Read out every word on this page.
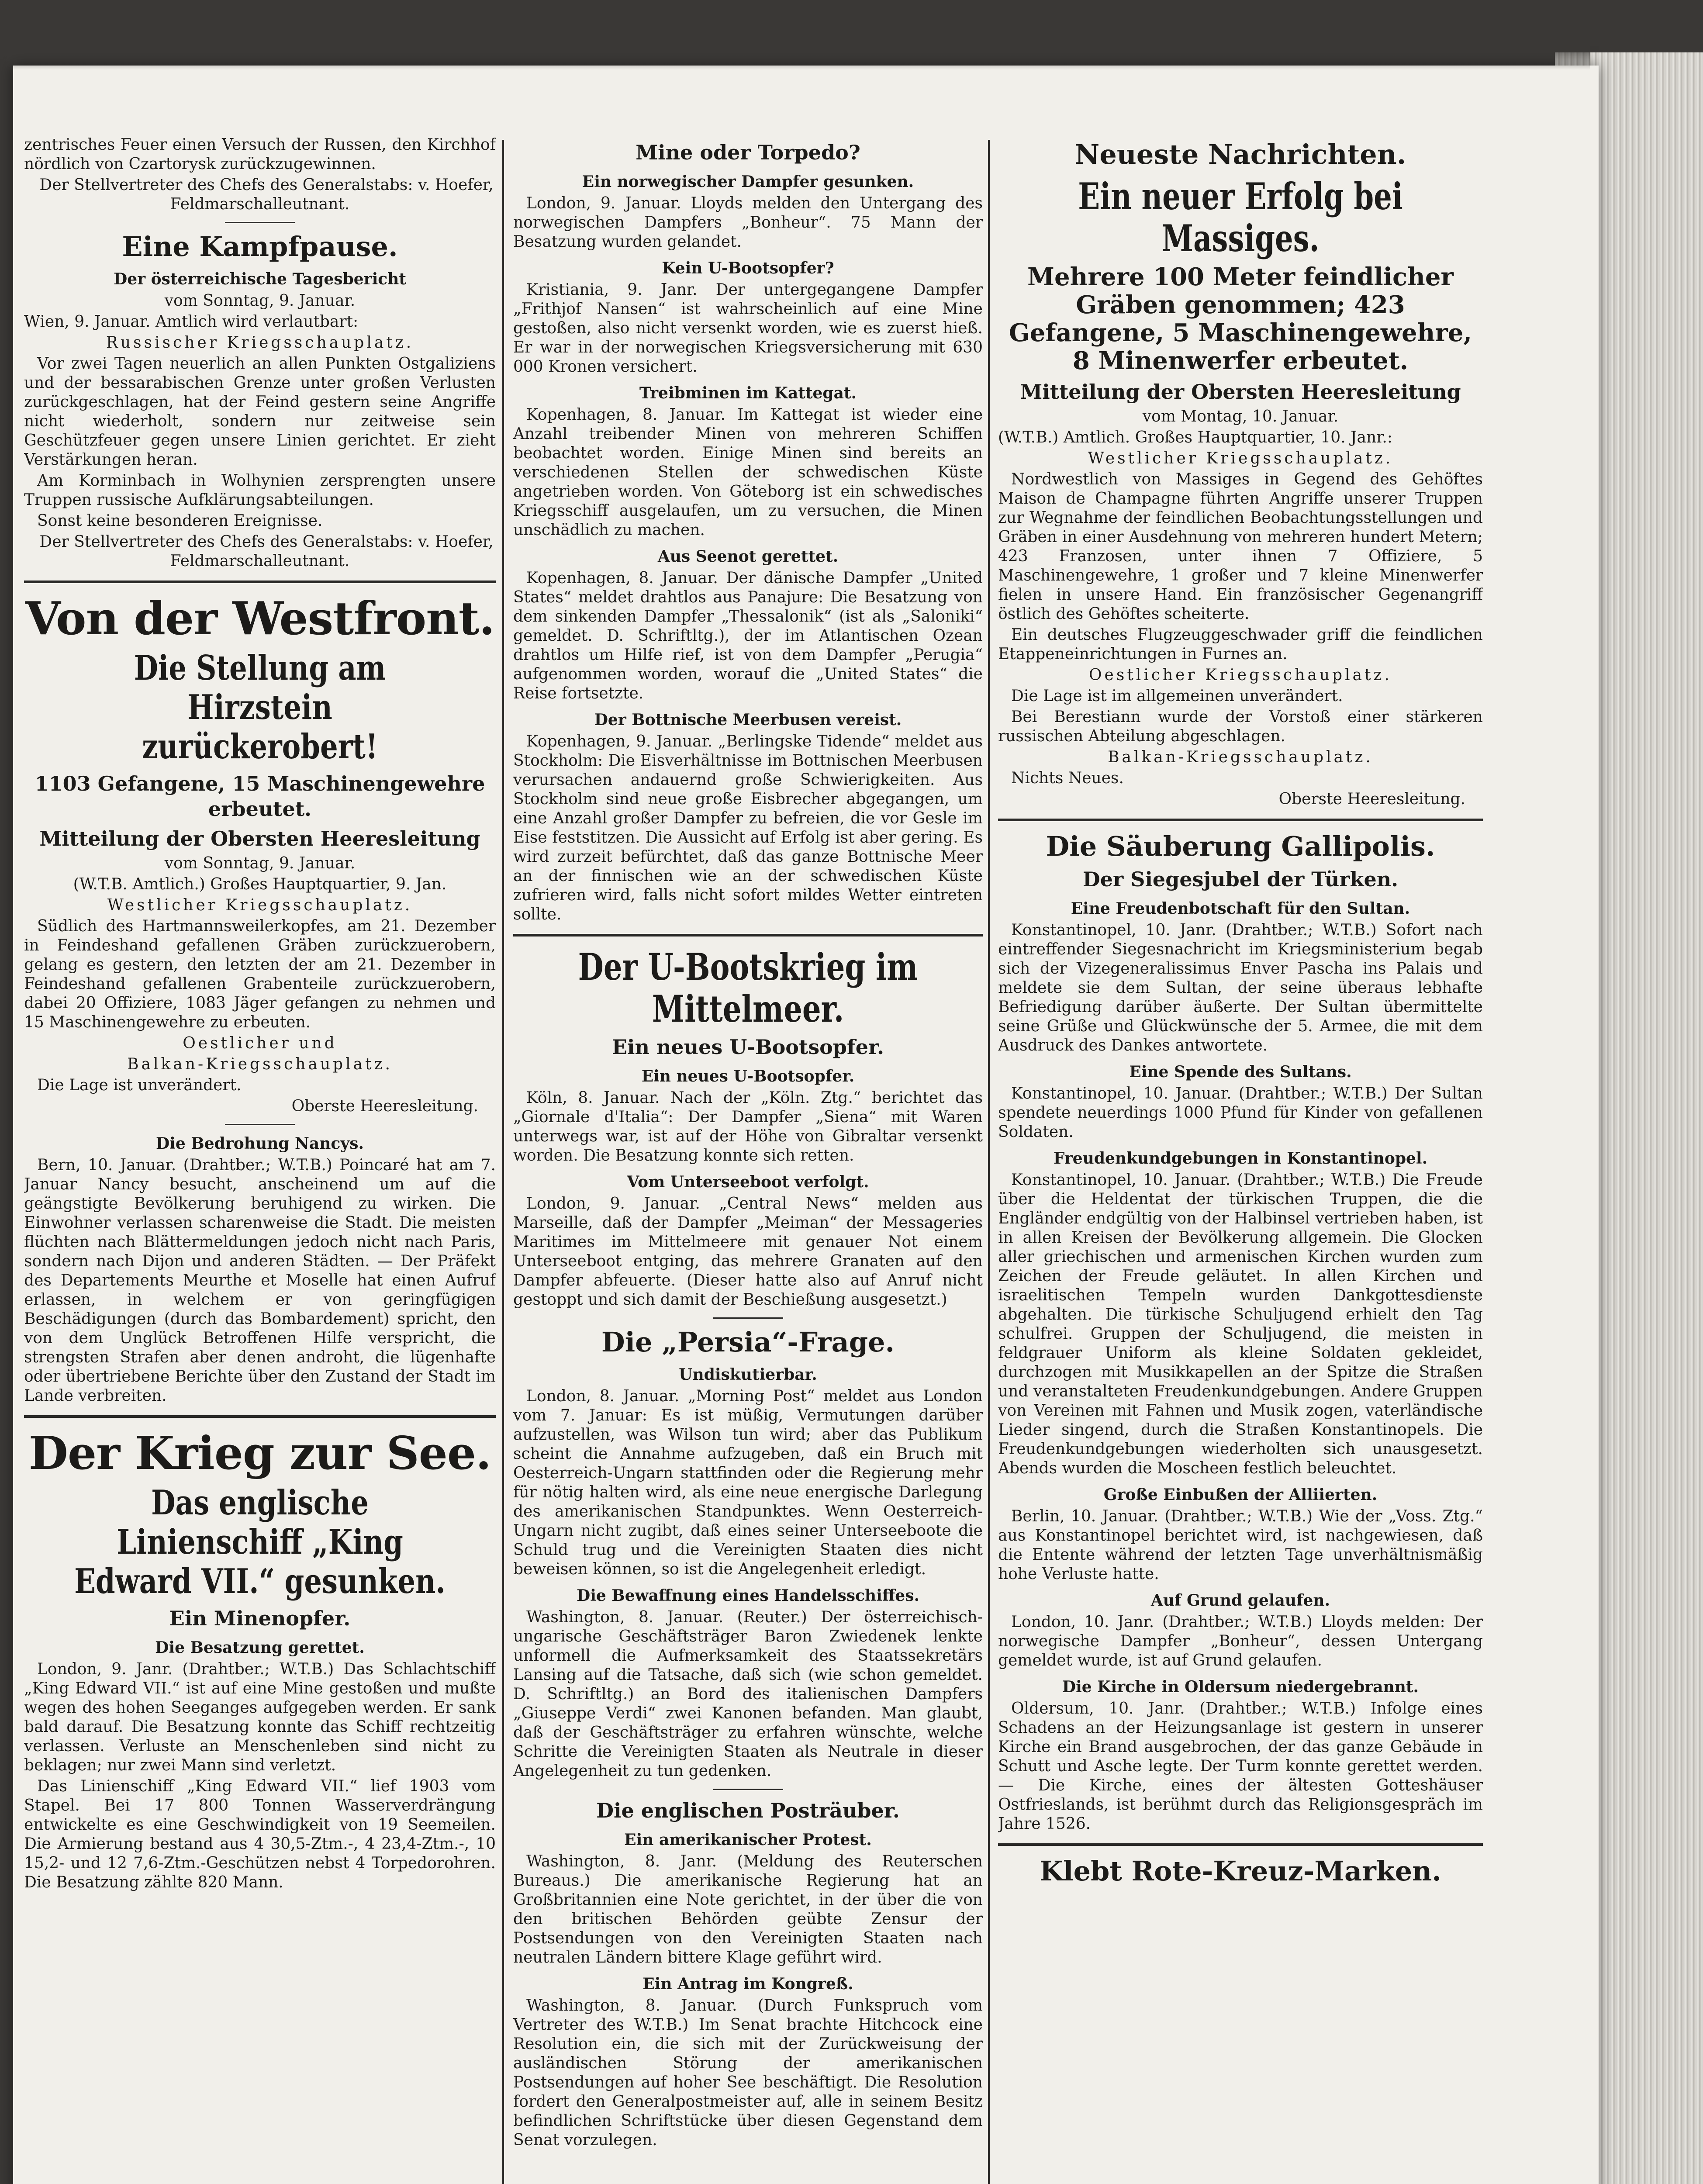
zentrisches Feuer einen Versuch der Russen, den Kirchhof nördlich von Czartorysk zurückzugewinnen.

Der Stellvertreter des Chefs des Generalstabs: v. Hoefer, Feldmarschalleutnant.

Eine Kampfpause.
Der österreichische Tagesbericht

vom Sonntag, 9. Januar.

Wien, 9. Januar. Amtlich wird verlautbart:

Russischer Kriegsschauplatz.

Vor zwei Tagen neuerlich an allen Punkten Ostgaliziens und der bessarabischen Grenze unter großen Verlusten zurückgeschlagen, hat der Feind gestern seine Angriffe nicht wiederholt, sondern nur zeitweise sein Geschützfeuer gegen unsere Linien gerichtet. Er zieht Verstärkungen heran.

Am Korminbach in Wolhynien zersprengten unsere Truppen russische Aufklärungsabteilungen.

Sonst keine besonderen Ereignisse.

Der Stellvertreter des Chefs des Generalstabs: v. Hoefer, Feldmarschalleutnant.

Von der Westfront.
Die Stellung am Hirzstein zurückerobert!
1103 Gefangene, 15 Maschinengewehre erbeutet.
Mitteilung der Obersten Heeresleitung

vom Sonntag, 9. Januar.

(W.T.B. Amtlich.) Großes Hauptquartier, 9. Jan.

Westlicher Kriegsschauplatz.

Südlich des Hartmannsweilerkopfes, am 21. Dezember in Feindeshand gefallenen Gräben zurückzuerobern, gelang es gestern, den letzten der am 21. Dezember in Feindeshand gefallenen Grabenteile zurückzuerobern, dabei 20 Offiziere, 1083 Jäger gefangen zu nehmen und 15 Maschinengewehre zu erbeuten.

Oestlicher und

Balkan-Kriegsschauplatz.

Die Lage ist unverändert.

Oberste Heeresleitung.

Die Bedrohung Nancys.

Bern, 10. Januar. (Drahtber.; W.T.B.) Poincaré hat am 7. Januar Nancy besucht, anscheinend um auf die geängstigte Bevölkerung beruhigend zu wirken. Die Einwohner verlassen scharenweise die Stadt. Die meisten flüchten nach Blättermeldungen jedoch nicht nach Paris, sondern nach Dijon und anderen Städten. — Der Präfekt des Departements Meurthe et Moselle hat einen Aufruf erlassen, in welchem er von geringfügigen Beschädigungen (durch das Bombardement) spricht, den von dem Unglück Betroffenen Hilfe verspricht, die strengsten Strafen aber denen androht, die lügenhafte oder übertriebene Berichte über den Zustand der Stadt im Lande verbreiten.

Der Krieg zur See.
Das englische Linienschiff „King Edward VII.“ gesunken.
Ein Minenopfer.
Die Besatzung gerettet.

London, 9. Janr. (Drahtber.; W.T.B.) Das Schlachtschiff „King Edward VII.“ ist auf eine Mine gestoßen und mußte wegen des hohen Seeganges aufgegeben werden. Er sank bald darauf. Die Besatzung konnte das Schiff rechtzeitig verlassen. Verluste an Menschenleben sind nicht zu beklagen; nur zwei Mann sind verletzt.

Das Linienschiff „King Edward VII.“ lief 1903 vom Stapel. Bei 17 800 Tonnen Wasserverdrängung entwickelte es eine Geschwindigkeit von 19 Seemeilen. Die Armierung bestand aus 4 30,5-Ztm.-, 4 23,4-Ztm.-, 10 15,2- und 12 7,6-Ztm.-Geschützen nebst 4 Torpedorohren. Die Besatzung zählte 820 Mann.

Mine oder Torpedo?
Ein norwegischer Dampfer gesunken.

London, 9. Januar. Lloyds melden den Untergang des norwegischen Dampfers „Bonheur“. 75 Mann der Besatzung wurden gelandet.

Kein U-Bootsopfer?

Kristiania, 9. Janr. Der untergegangene Dampfer „Frithjof Nansen“ ist wahrscheinlich auf eine Mine gestoßen, also nicht versenkt worden, wie es zuerst hieß. Er war in der norwegischen Kriegsversicherung mit 630 000 Kronen versichert.

Treibminen im Kattegat.

Kopenhagen, 8. Januar. Im Kattegat ist wieder eine Anzahl treibender Minen von mehreren Schiffen beobachtet worden. Einige Minen sind bereits an verschiedenen Stellen der schwedischen Küste angetrieben worden. Von Göteborg ist ein schwedisches Kriegsschiff ausgelaufen, um zu versuchen, die Minen unschädlich zu machen.

Aus Seenot gerettet.

Kopenhagen, 8. Januar. Der dänische Dampfer „United States“ meldet drahtlos aus Panajure: Die Besatzung von dem sinkenden Dampfer „Thessalonik“ (ist als „Saloniki“ gemeldet. D. Schriftltg.), der im Atlantischen Ozean drahtlos um Hilfe rief, ist von dem Dampfer „Perugia“ aufgenommen worden, worauf die „United States“ die Reise fortsetzte.

Der Bottnische Meerbusen vereist.

Kopenhagen, 9. Januar. „Berlingske Tidende“ meldet aus Stockholm: Die Eisverhältnisse im Bottnischen Meerbusen verursachen andauernd große Schwierigkeiten. Aus Stockholm sind neue große Eisbrecher abgegangen, um eine Anzahl großer Dampfer zu befreien, die vor Gesle im Eise feststitzen. Die Aussicht auf Erfolg ist aber gering. Es wird zurzeit befürchtet, daß das ganze Bottnische Meer an der finnischen wie an der schwedischen Küste zufrieren wird, falls nicht sofort mildes Wetter eintreten sollte.

Der U-Bootskrieg im Mittelmeer.
Ein neues U-Bootsopfer.
Ein neues U-Bootsopfer.

Köln, 8. Januar. Nach der „Köln. Ztg.“ berichtet das „Giornale d'Italia“: Der Dampfer „Siena“ mit Waren unterwegs war, ist auf der Höhe von Gibraltar versenkt worden. Die Besatzung konnte sich retten.

Vom Unterseeboot verfolgt.

London, 9. Januar. „Central News“ melden aus Marseille, daß der Dampfer „Meiman“ der Messageries Maritimes im Mittelmeere mit genauer Not einem Unterseeboot entging, das mehrere Granaten auf den Dampfer abfeuerte. (Dieser hatte also auf Anruf nicht gestoppt und sich damit der Beschießung ausgesetzt.)

Die „Persia“-Frage.
Undiskutierbar.

London, 8. Januar. „Morning Post“ meldet aus London vom 7. Januar: Es ist müßig, Vermutungen darüber aufzustellen, was Wilson tun wird; aber das Publikum scheint die Annahme aufzugeben, daß ein Bruch mit Oesterreich-Ungarn stattfinden oder die Regierung mehr für nötig halten wird, als eine neue energische Darlegung des amerikanischen Standpunktes. Wenn Oesterreich-Ungarn nicht zugibt, daß eines seiner Unterseeboote die Schuld trug und die Vereinigten Staaten dies nicht beweisen können, so ist die Angelegenheit erledigt.

Die Bewaffnung eines Handelsschiffes.

Washington, 8. Januar. (Reuter.) Der österreichisch-ungarische Geschäftsträger Baron Zwiedenek lenkte unformell die Aufmerksamkeit des Staatssekretärs Lansing auf die Tatsache, daß sich (wie schon gemeldet. D. Schriftltg.) an Bord des italienischen Dampfers „Giuseppe Verdi“ zwei Kanonen befanden. Man glaubt, daß der Geschäftsträger zu erfahren wünschte, welche Schritte die Vereinigten Staaten als Neutrale in dieser Angelegenheit zu tun gedenken.

Die englischen Posträuber.
Ein amerikanischer Protest.

Washington, 8. Janr. (Meldung des Reuterschen Bureaus.) Die amerikanische Regierung hat an Großbritannien eine Note gerichtet, in der über die von den britischen Behörden geübte Zensur der Postsendungen von den Vereinigten Staaten nach neutralen Ländern bittere Klage geführt wird.

Ein Antrag im Kongreß.

Washington, 8. Januar. (Durch Funkspruch vom Vertreter des W.T.B.) Im Senat brachte Hitchcock eine Resolution ein, die sich mit der Zurückweisung der ausländischen Störung der amerikanischen Postsendungen auf hoher See beschäftigt. Die Resolution fordert den Generalpostmeister auf, alle in seinem Besitz befindlichen Schriftstücke über diesen Gegenstand dem Senat vorzulegen.

Neueste Nachrichten.
Ein neuer Erfolg bei Massiges.
Mehrere 100 Meter feindlicher Gräben genommen; 423 Gefangene, 5 Maschinengewehre, 8 Minenwerfer erbeutet.
Mitteilung der Obersten Heeresleitung

vom Montag, 10. Januar.

(W.T.B.) Amtlich. Großes Hauptquartier, 10. Janr.:

Westlicher Kriegsschauplatz.

Nordwestlich von Massiges in Gegend des Gehöftes Maison de Champagne führten Angriffe unserer Truppen zur Wegnahme der feindlichen Beobachtungsstellungen und Gräben in einer Ausdehnung von mehreren hundert Metern; 423 Franzosen, unter ihnen 7 Offiziere, 5 Maschinengewehre, 1 großer und 7 kleine Minenwerfer fielen in unsere Hand. Ein französischer Gegenangriff östlich des Gehöftes scheiterte.

Ein deutsches Flugzeuggeschwader griff die feindlichen Etappeneinrichtungen in Furnes an.

Oestlicher Kriegsschauplatz.

Die Lage ist im allgemeinen unverändert.

Bei Berestiann wurde der Vorstoß einer stärkeren russischen Abteilung abgeschlagen.

Balkan-Kriegsschauplatz.

Nichts Neues.

Oberste Heeresleitung.

Die Säuberung Gallipolis.
Der Siegesjubel der Türken.
Eine Freudenbotschaft für den Sultan.

Konstantinopel, 10. Janr. (Drahtber.; W.T.B.) Sofort nach eintreffender Siegesnachricht im Kriegsministerium begab sich der Vizegeneralissimus Enver Pascha ins Palais und meldete sie dem Sultan, der seine überaus lebhafte Befriedigung darüber äußerte. Der Sultan übermittelte seine Grüße und Glückwünsche der 5. Armee, die mit dem Ausdruck des Dankes antwortete.

Eine Spende des Sultans.

Konstantinopel, 10. Januar. (Drahtber.; W.T.B.) Der Sultan spendete neuerdings 1000 Pfund für Kinder von gefallenen Soldaten.

Freudenkundgebungen in Konstantinopel.

Konstantinopel, 10. Januar. (Drahtber.; W.T.B.) Die Freude über die Heldentat der türkischen Truppen, die die Engländer endgültig von der Halbinsel vertrieben haben, ist in allen Kreisen der Bevölkerung allgemein. Die Glocken aller griechischen und armenischen Kirchen wurden zum Zeichen der Freude geläutet. In allen Kirchen und israelitischen Tempeln wurden Dankgottesdienste abgehalten. Die türkische Schuljugend erhielt den Tag schulfrei. Gruppen der Schuljugend, die meisten in feldgrauer Uniform als kleine Soldaten gekleidet, durchzogen mit Musikkapellen an der Spitze die Straßen und veranstalteten Freudenkundgebungen. Andere Gruppen von Vereinen mit Fahnen und Musik zogen, vaterländische Lieder singend, durch die Straßen Konstantinopels. Die Freudenkundgebungen wiederholten sich unausgesetzt. Abends wurden die Moscheen festlich beleuchtet.

Große Einbußen der Alliierten.

Berlin, 10. Januar. (Drahtber.; W.T.B.) Wie der „Voss. Ztg.“ aus Konstantinopel berichtet wird, ist nachgewiesen, daß die Entente während der letzten Tage unverhältnismäßig hohe Verluste hatte.

Auf Grund gelaufen.

London, 10. Janr. (Drahtber.; W.T.B.) Lloyds melden: Der norwegische Dampfer „Bonheur“, dessen Untergang gemeldet wurde, ist auf Grund gelaufen.

Die Kirche in Oldersum niedergebrannt.

Oldersum, 10. Janr. (Drahtber.; W.T.B.) Infolge eines Schadens an der Heizungsanlage ist gestern in unserer Kirche ein Brand ausgebrochen, der das ganze Gebäude in Schutt und Asche legte. Der Turm konnte gerettet werden. — Die Kirche, eines der ältesten Gotteshäuser Ostfrieslands, ist berühmt durch das Religionsgespräch im Jahre 1526.

Klebt Rote-Kreuz-Marken.
